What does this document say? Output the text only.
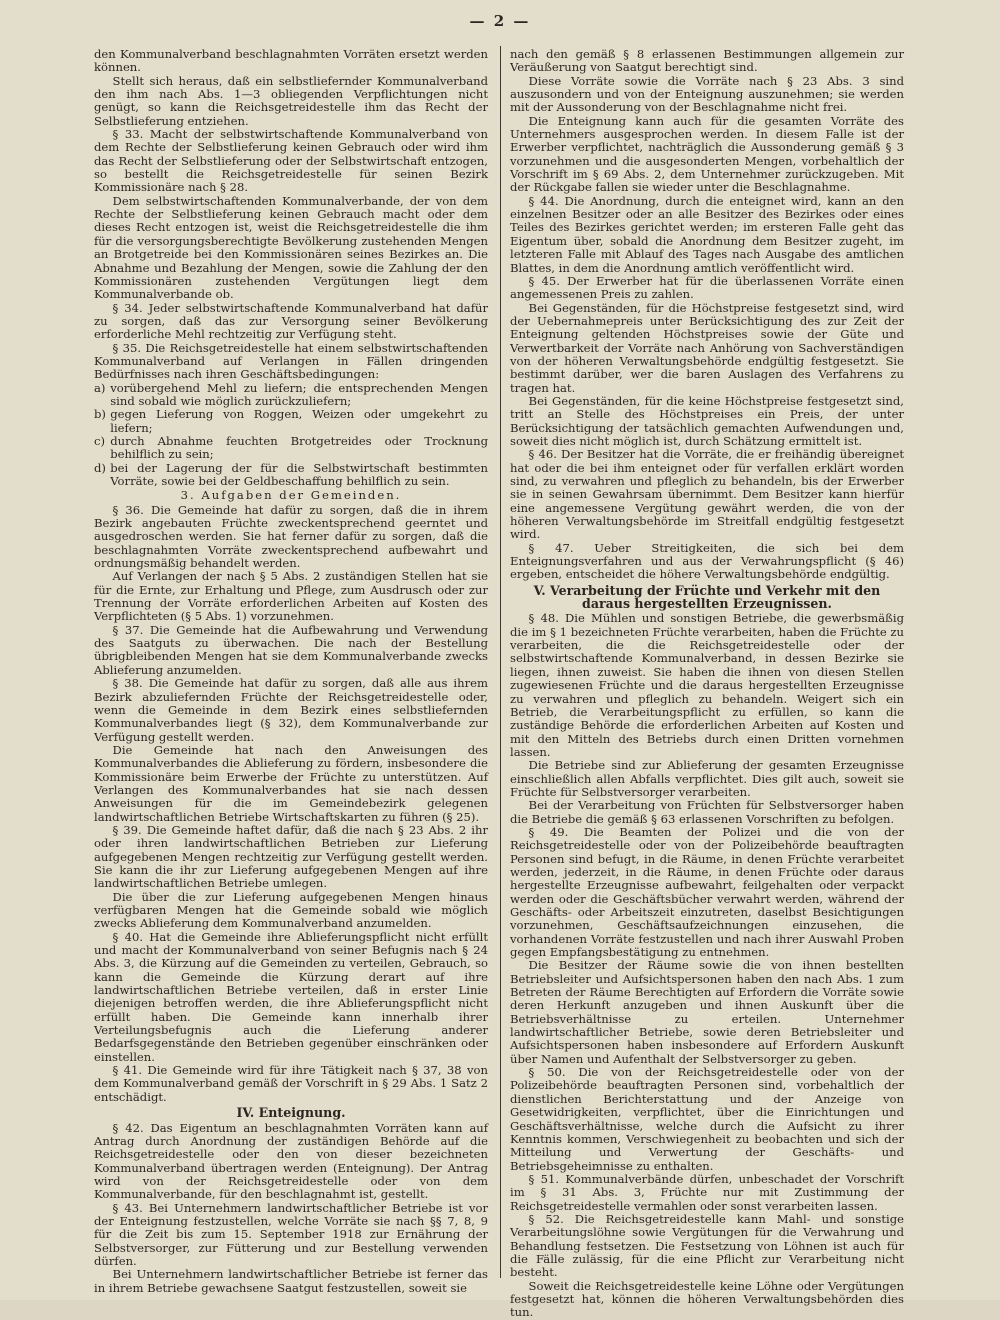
— 2 —

den Kommunalverband beschlagnahmten Vorräten ersetzt werden können.

Stellt sich heraus, daß ein selbstliefernder Kommunalverband den ihm nach Abs. 1—3 obliegenden Verpflichtungen nicht genügt, so kann die Reichsgetreidestelle ihm das Recht der Selbstlieferung entziehen.

§ 33. Macht der selbstwirtschaftende Kommunalverband von dem Rechte der Selbstlieferung keinen Gebrauch oder wird ihm das Recht der Selbstlieferung oder der Selbstwirtschaft entzogen, so bestellt die Reichsgetreidestelle für seinen Bezirk Kommissionäre nach § 28.

Dem selbstwirtschaftenden Kommunalverbande, der von dem Rechte der Selbstlieferung keinen Gebrauch macht oder dem dieses Recht entzogen ist, weist die Reichsgetreidestelle die ihm für die versorgungsberechtigte Bevölkerung zustehenden Mengen an Brotgetreide bei den Kommissionären seines Bezirkes an. Die Abnahme und Bezahlung der Mengen, sowie die Zahlung der den Kommissionären zustehenden Vergütungen liegt dem Kommunalverbande ob.

§ 34. Jeder selbstwirtschaftende Kommunalverband hat dafür zu sorgen, daß das zur Versorgung seiner Bevölkerung erforderliche Mehl rechtzeitig zur Verfügung steht.

§ 35. Die Reichsgetreidestelle hat einem selbstwirtschaftenden Kommunalverband auf Verlangen in Fällen dringenden Bedürfnisses nach ihren Geschäftsbedingungen:

a) vorübergehend Mehl zu liefern; die entsprechenden Mengen sind sobald wie möglich zurückzuliefern;

b) gegen Lieferung von Roggen, Weizen oder umgekehrt zu liefern;

c) durch Abnahme feuchten Brotgetreides oder Trocknung behilflich zu sein;

d) bei der Lagerung der für die Selbstwirtschaft bestimmten Vorräte, sowie bei der Geldbeschaffung behilflich zu sein.

3. Aufgaben der Gemeinden.

§ 36. Die Gemeinde hat dafür zu sorgen, daß die in ihrem Bezirk angebauten Früchte zweckentsprechend geerntet und ausgedroschen werden. Sie hat ferner dafür zu sorgen, daß die beschlagnahmten Vorräte zweckentsprechend aufbewahrt und ordnungsmäßig behandelt werden.

Auf Verlangen der nach § 5 Abs. 2 zuständigen Stellen hat sie für die Ernte, zur Erhaltung und Pflege, zum Ausdrusch oder zur Trennung der Vorräte erforderlichen Arbeiten auf Kosten des Verpflichteten (§ 5 Abs. 1) vorzunehmen.

§ 37. Die Gemeinde hat die Aufbewahrung und Verwendung des Saatguts zu überwachen. Die nach der Bestellung übrigbleibenden Mengen hat sie dem Kommunalverbande zwecks Ablieferung anzumelden.

§ 38. Die Gemeinde hat dafür zu sorgen, daß alle aus ihrem Bezirk abzuliefernden Früchte der Reichsgetreidestelle oder, wenn die Gemeinde in dem Bezirk eines selbstliefernden Kommunalverbandes liegt (§ 32), dem Kommunalverbande zur Verfügung gestellt werden.

Die Gemeinde hat nach den Anweisungen des Kommunalverbandes die Ablieferung zu fördern, insbesondere die Kommissionäre beim Erwerbe der Früchte zu unterstützen. Auf Verlangen des Kommunalverbandes hat sie nach dessen Anweisungen für die im Gemeindebezirk gelegenen landwirtschaftlichen Betriebe Wirtschaftskarten zu führen (§ 25).

§ 39. Die Gemeinde haftet dafür, daß die nach § 23 Abs. 2 ihr oder ihren landwirtschaftlichen Betrieben zur Lieferung aufgegebenen Mengen rechtzeitig zur Verfügung gestellt werden. Sie kann die ihr zur Lieferung aufgegebenen Mengen auf ihre landwirtschaftlichen Betriebe umlegen.

Die über die zur Lieferung aufgegebenen Mengen hinaus verfügbaren Mengen hat die Gemeinde sobald wie möglich zwecks Ablieferung dem Kommunalverband anzumelden.

§ 40. Hat die Gemeinde ihre Ablieferungspflicht nicht erfüllt und macht der Kommunalverband von seiner Befugnis nach § 24 Abs. 3, die Kürzung auf die Gemeinden zu verteilen, Gebrauch, so kann die Gemeinde die Kürzung derart auf ihre landwirtschaftlichen Betriebe verteilen, daß in erster Linie diejenigen betroffen werden, die ihre Ablieferungspflicht nicht erfüllt haben. Die Gemeinde kann innerhalb ihrer Verteilungsbefugnis auch die Lieferung anderer Bedarfsgegenstände den Betrieben gegenüber einschränken oder einstellen.

§ 41. Die Gemeinde wird für ihre Tätigkeit nach § 37, 38 von dem Kommunalverband gemäß der Vorschrift in § 29 Abs. 1 Satz 2 entschädigt.

IV. Enteignung.

§ 42. Das Eigentum an beschlagnahmten Vorräten kann auf Antrag durch Anordnung der zuständigen Behörde auf die Reichsgetreidestelle oder den von dieser bezeichneten Kommunalverband übertragen werden (Enteignung). Der Antrag wird von der Reichsgetreidestelle oder von dem Kommunalverbande, für den beschlagnahmt ist, gestellt.

§ 43. Bei Unternehmern landwirtschaftlicher Betriebe ist vor der Enteignung festzustellen, welche Vorräte sie nach §§ 7, 8, 9 für die Zeit bis zum 15. September 1918 zur Ernährung der Selbstversorger, zur Fütterung und zur Bestellung verwenden dürfen.

Bei Unternehmern landwirtschaftlicher Betriebe ist ferner das in ihrem Betriebe gewachsene Saatgut festzustellen, soweit sie

nach den gemäß § 8 erlassenen Bestimmungen allgemein zur Veräußerung von Saatgut berechtigt sind.

Diese Vorräte sowie die Vorräte nach § 23 Abs. 3 sind auszusondern und von der Enteignung auszunehmen; sie werden mit der Aussonderung von der Beschlagnahme nicht frei.

Die Enteignung kann auch für die gesamten Vorräte des Unternehmers ausgesprochen werden. In diesem Falle ist der Erwerber verpflichtet, nachträglich die Aussonderung gemäß § 3 vorzunehmen und die ausgesonderten Mengen, vorbehaltlich der Vorschrift im § 69 Abs. 2, dem Unternehmer zurückzugeben. Mit der Rückgabe fallen sie wieder unter die Beschlagnahme.

§ 44. Die Anordnung, durch die enteignet wird, kann an den einzelnen Besitzer oder an alle Besitzer des Bezirkes oder eines Teiles des Bezirkes gerichtet werden; im ersteren Falle geht das Eigentum über, sobald die Anordnung dem Besitzer zugeht, im letzteren Falle mit Ablauf des Tages nach Ausgabe des amtlichen Blattes, in dem die Anordnung amtlich veröffentlicht wird.

§ 45. Der Erwerber hat für die überlassenen Vorräte einen angemessenen Preis zu zahlen.

Bei Gegenständen, für die Höchstpreise festgesetzt sind, wird der Uebernahmepreis unter Berücksichtigung des zur Zeit der Enteignung geltenden Höchstpreises sowie der Güte und Verwertbarkeit der Vorräte nach Anhörung von Sachverständigen von der höheren Verwaltungsbehörde endgültig festgesetzt. Sie bestimmt darüber, wer die baren Auslagen des Verfahrens zu tragen hat.

Bei Gegenständen, für die keine Höchstpreise festgesetzt sind, tritt an Stelle des Höchstpreises ein Preis, der unter Berücksichtigung der tatsächlich gemachten Aufwendungen und, soweit dies nicht möglich ist, durch Schätzung ermittelt ist.

§ 46. Der Besitzer hat die Vorräte, die er freihändig übereignet hat oder die bei ihm enteignet oder für verfallen erklärt worden sind, zu verwahren und pfleglich zu behandeln, bis der Erwerber sie in seinen Gewahrsam übernimmt. Dem Besitzer kann hierfür eine angemessene Vergütung gewährt werden, die von der höheren Verwaltungsbehörde im Streitfall endgültig festgesetzt wird.

§ 47. Ueber Streitigkeiten, die sich bei dem Enteignungsverfahren und aus der Verwahrungspflicht (§ 46) ergeben, entscheidet die höhere Verwaltungsbehörde endgültig.

V. Verarbeitung der Früchte und Verkehr mit den daraus hergestellten Erzeugnissen.

§ 48. Die Mühlen und sonstigen Betriebe, die gewerbsmäßig die im § 1 bezeichneten Früchte verarbeiten, haben die Früchte zu verarbeiten, die die Reichsgetreidestelle oder der selbstwirtschaftende Kommunalverband, in dessen Bezirke sie liegen, ihnen zuweist. Sie haben die ihnen von diesen Stellen zugewiesenen Früchte und die daraus hergestellten Erzeugnisse zu verwahren und pfleglich zu behandeln. Weigert sich ein Betrieb, die Verarbeitungspflicht zu erfüllen, so kann die zuständige Behörde die erforderlichen Arbeiten auf Kosten und mit den Mitteln des Betriebs durch einen Dritten vornehmen lassen.

Die Betriebe sind zur Ablieferung der gesamten Erzeugnisse einschließlich allen Abfalls verpflichtet. Dies gilt auch, soweit sie Früchte für Selbstversorger verarbeiten.

Bei der Verarbeitung von Früchten für Selbstversorger haben die Betriebe die gemäß § 63 erlassenen Vorschriften zu befolgen.

§ 49. Die Beamten der Polizei und die von der Reichsgetreidestelle oder von der Polizeibehörde beauftragten Personen sind befugt, in die Räume, in denen Früchte verarbeitet werden, jederzeit, in die Räume, in denen Früchte oder daraus hergestellte Erzeugnisse aufbewahrt, feilgehalten oder verpackt werden oder die Geschäftsbücher verwahrt werden, während der Geschäfts- oder Arbeitszeit einzutreten, daselbst Besichtigungen vorzunehmen, Geschäftsaufzeichnungen einzusehen, die vorhandenen Vorräte festzustellen und nach ihrer Auswahl Proben gegen Empfangsbestätigung zu entnehmen.

Die Besitzer der Räume sowie die von ihnen bestellten Betriebsleiter und Aufsichtspersonen haben den nach Abs. 1 zum Betreten der Räume Berechtigten auf Erfordern die Vorräte sowie deren Herkunft anzugeben und ihnen Auskunft über die Betriebsverhältnisse zu erteilen. Unternehmer landwirtschaftlicher Betriebe, sowie deren Betriebsleiter und Aufsichtspersonen haben insbesondere auf Erfordern Auskunft über Namen und Aufenthalt der Selbstversorger zu geben.

§ 50. Die von der Reichsgetreidestelle oder von der Polizeibehörde beauftragten Personen sind, vorbehaltlich der dienstlichen Berichterstattung und der Anzeige von Gesetwidrigkeiten, verpflichtet, über die Einrichtungen und Geschäftsverhältnisse, welche durch die Aufsicht zu ihrer Kenntnis kommen, Verschwiegenheit zu beobachten und sich der Mitteilung und Verwertung der Geschäfts- und Betriebsgeheimnisse zu enthalten.

§ 51. Kommunalverbände dürfen, unbeschadet der Vorschrift im § 31 Abs. 3, Früchte nur mit Zustimmung der Reichsgetreidestelle vermahlen oder sonst verarbeiten lassen.

§ 52. Die Reichsgetreidestelle kann Mahl- und sonstige Verarbeitungslöhne sowie Vergütungen für die Verwahrung und Behandlung festsetzen. Die Festsetzung von Löhnen ist auch für die Fälle zulässig, für die eine Pflicht zur Verarbeitung nicht besteht.

Soweit die Reichsgetreidestelle keine Löhne oder Vergütungen festgesetzt hat, können die höheren Verwaltungsbehörden dies tun.
